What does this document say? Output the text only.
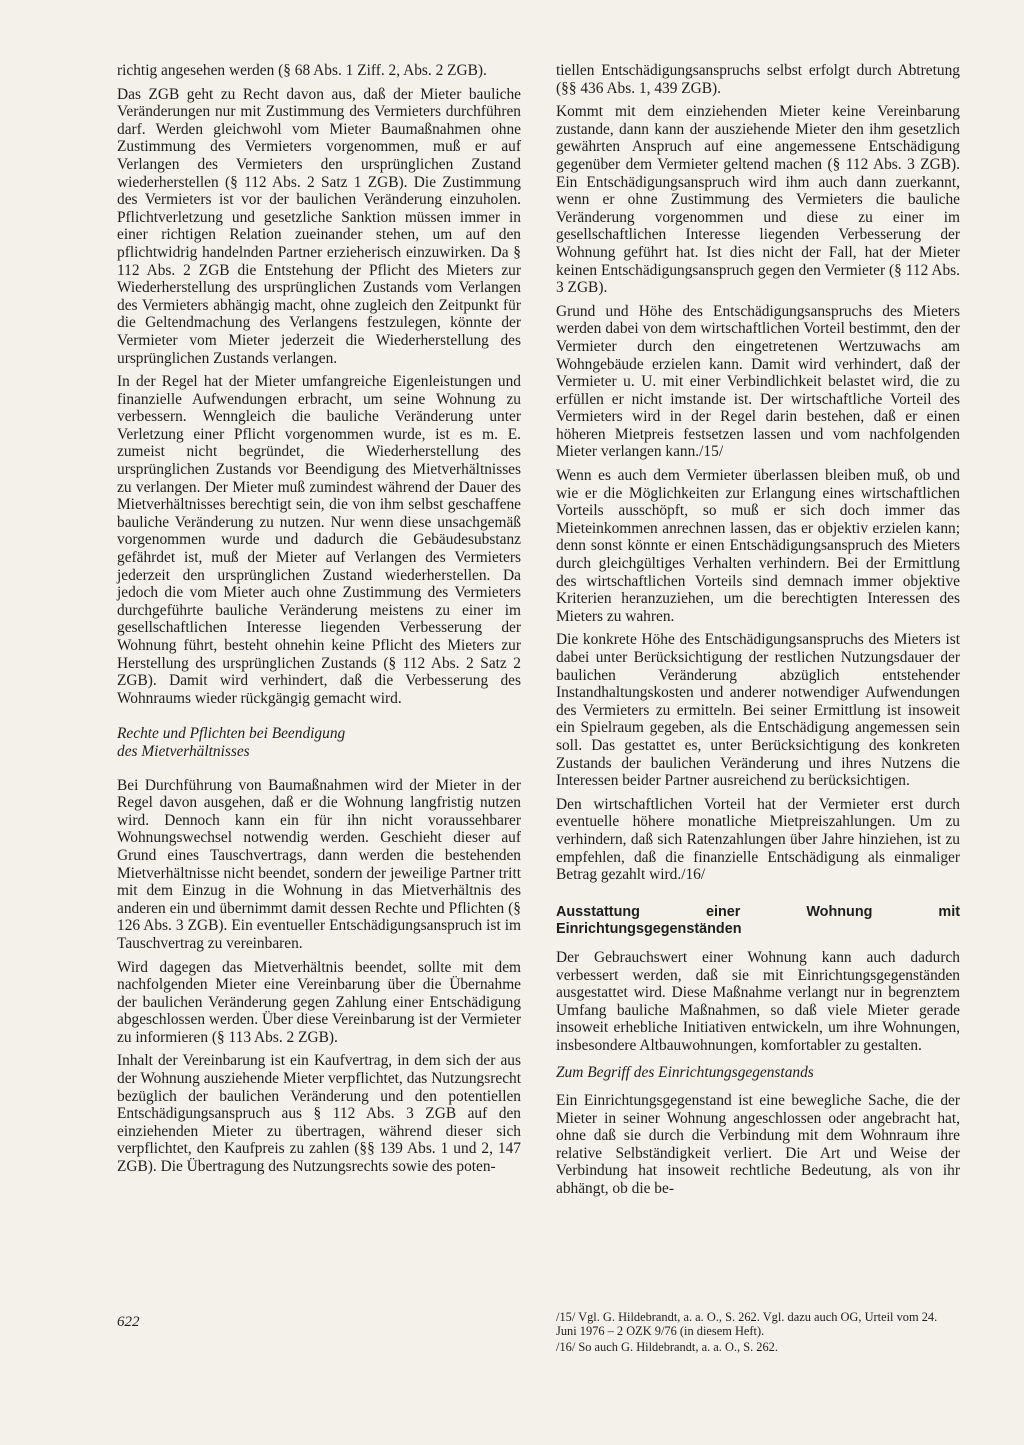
richtig angesehen werden (§ 68 Abs. 1 Ziff. 2, Abs. 2 ZGB).

Das ZGB geht zu Recht davon aus, daß der Mieter bauliche Veränderungen nur mit Zustimmung des Vermieters durchführen darf. Werden gleichwohl vom Mieter Baumaßnahmen ohne Zustimmung des Vermieters vorgenommen, muß er auf Verlangen des Vermieters den ursprünglichen Zustand wiederherstellen (§ 112 Abs. 2 Satz 1 ZGB). Die Zustimmung des Vermieters ist vor der baulichen Veränderung einzuholen. Pflichtverletzung und gesetzliche Sanktion müssen immer in einer richtigen Relation zueinander stehen, um auf den pflichtwidrig handelnden Partner erzieherisch einzuwirken. Da § 112 Abs. 2 ZGB die Entstehung der Pflicht des Mieters zur Wiederherstellung des ursprünglichen Zustands vom Verlangen des Vermieters abhängig macht, ohne zugleich den Zeitpunkt für die Geltendmachung des Verlangens festzulegen, könnte der Vermieter vom Mieter jederzeit die Wiederherstellung des ursprünglichen Zustands verlangen.

In der Regel hat der Mieter umfangreiche Eigenleistungen und finanzielle Aufwendungen erbracht, um seine Wohnung zu verbessern. Wenngleich die bauliche Veränderung unter Verletzung einer Pflicht vorgenommen wurde, ist es m. E. zumeist nicht begründet, die Wiederherstellung des ursprünglichen Zustands vor Beendigung des Mietverhältnisses zu verlangen. Der Mieter muß zumindest während der Dauer des Mietverhältnisses berechtigt sein, die von ihm selbst geschaffene bauliche Veränderung zu nutzen. Nur wenn diese unsachgemäß vorgenommen wurde und dadurch die Gebäudesubstanz gefährdet ist, muß der Mieter auf Verlangen des Vermieters jederzeit den ursprünglichen Zustand wiederherstellen. Da jedoch die vom Mieter auch ohne Zustimmung des Vermieters durchgeführte bauliche Veränderung meistens zu einer im gesellschaftlichen Interesse liegenden Verbesserung der Wohnung führt, besteht ohnehin keine Pflicht des Mieters zur Herstellung des ursprünglichen Zustands (§ 112 Abs. 2 Satz 2 ZGB). Damit wird verhindert, daß die Verbesserung des Wohnraums wieder rückgängig gemacht wird.

Rechte und Pflichten bei Beendigung
des Mietverhältnisses

Bei Durchführung von Baumaßnahmen wird der Mieter in der Regel davon ausgehen, daß er die Wohnung langfristig nutzen wird. Dennoch kann ein für ihn nicht voraussehbarer Wohnungswechsel notwendig werden. Geschieht dieser auf Grund eines Tauschvertrags, dann werden die bestehenden Mietverhältnisse nicht beendet, sondern der jeweilige Partner tritt mit dem Einzug in die Wohnung in das Mietverhältnis des anderen ein und übernimmt damit dessen Rechte und Pflichten (§ 126 Abs. 3 ZGB). Ein eventueller Entschädigungsanspruch ist im Tauschvertrag zu vereinbaren.

Wird dagegen das Mietverhältnis beendet, sollte mit dem nachfolgenden Mieter eine Vereinbarung über die Übernahme der baulichen Veränderung gegen Zahlung einer Entschädigung abgeschlossen werden. Über diese Vereinbarung ist der Vermieter zu informieren (§ 113 Abs. 2 ZGB).

Inhalt der Vereinbarung ist ein Kaufvertrag, in dem sich der aus der Wohnung ausziehende Mieter verpflichtet, das Nutzungsrecht bezüglich der baulichen Veränderung und den potentiellen Entschädigungsanspruch aus § 112 Abs. 3 ZGB auf den einziehenden Mieter zu übertragen, während dieser sich verpflichtet, den Kaufpreis zu zahlen (§§ 139 Abs. 1 und 2, 147 ZGB). Die Übertragung des Nutzungsrechts sowie des poten-

tiellen Entschädigungsanspruchs selbst erfolgt durch Abtretung (§§ 436 Abs. 1, 439 ZGB).

Kommt mit dem einziehenden Mieter keine Vereinbarung zustande, dann kann der ausziehende Mieter den ihm gesetzlich gewährten Anspruch auf eine angemessene Entschädigung gegenüber dem Vermieter geltend machen (§ 112 Abs. 3 ZGB). Ein Entschädigungsanspruch wird ihm auch dann zuerkannt, wenn er ohne Zustimmung des Vermieters die bauliche Veränderung vorgenommen und diese zu einer im gesellschaftlichen Interesse liegenden Verbesserung der Wohnung geführt hat. Ist dies nicht der Fall, hat der Mieter keinen Entschädigungsanspruch gegen den Vermieter (§ 112 Abs. 3 ZGB).

Grund und Höhe des Entschädigungsanspruchs des Mieters werden dabei von dem wirtschaftlichen Vorteil bestimmt, den der Vermieter durch den eingetretenen Wertzuwachs am Wohngebäude erzielen kann. Damit wird verhindert, daß der Vermieter u. U. mit einer Verbindlichkeit belastet wird, die zu erfüllen er nicht imstande ist. Der wirtschaftliche Vorteil des Vermieters wird in der Regel darin bestehen, daß er einen höheren Mietpreis festsetzen lassen und vom nachfolgenden Mieter verlangen kann./15/

Wenn es auch dem Vermieter überlassen bleiben muß, ob und wie er die Möglichkeiten zur Erlangung eines wirtschaftlichen Vorteils ausschöpft, so muß er sich doch immer das Mieteinkommen anrechnen lassen, das er objektiv erzielen kann; denn sonst könnte er einen Entschädigungsanspruch des Mieters durch gleichgültiges Verhalten verhindern. Bei der Ermittlung des wirtschaftlichen Vorteils sind demnach immer objektive Kriterien heranzuziehen, um die berechtigten Interessen des Mieters zu wahren.

Die konkrete Höhe des Entschädigungsanspruchs des Mieters ist dabei unter Berücksichtigung der restlichen Nutzungsdauer der baulichen Veränderung abzüglich entstehender Instandhaltungskosten und anderer notwendiger Aufwendungen des Vermieters zu ermitteln. Bei seiner Ermittlung ist insoweit ein Spielraum gegeben, als die Entschädigung angemessen sein soll. Das gestattet es, unter Berücksichtigung des konkreten Zustands der baulichen Veränderung und ihres Nutzens die Interessen beider Partner ausreichend zu berücksichtigen.

Den wirtschaftlichen Vorteil hat der Vermieter erst durch eventuelle höhere monatliche Mietpreiszahlungen. Um zu verhindern, daß sich Ratenzahlungen über Jahre hinziehen, ist zu empfehlen, daß die finanzielle Entschädigung als einmaliger Betrag gezahlt wird./16/

Ausstattung einer Wohnung mit Einrichtungsgegenständen

Der Gebrauchswert einer Wohnung kann auch dadurch verbessert werden, daß sie mit Einrichtungsgegenständen ausgestattet wird. Diese Maßnahme verlangt nur in begrenztem Umfang bauliche Maßnahmen, so daß viele Mieter gerade insoweit erhebliche Initiativen entwickeln, um ihre Wohnungen, insbesondere Altbauwohnungen, komfortabler zu gestalten.

Zum Begriff des Einrichtungsgegenstands

Ein Einrichtungsgegenstand ist eine bewegliche Sache, die der Mieter in seiner Wohnung angeschlossen oder angebracht hat, ohne daß sie durch die Verbindung mit dem Wohnraum ihre relative Selbständigkeit verliert. Die Art und Weise der Verbindung hat insoweit rechtliche Bedeutung, als von ihr abhängt, ob die be-

/15/ Vgl. G. Hildebrandt, a. a. O., S. 262. Vgl. dazu auch OG, Urteil vom 24. Juni 1976 – 2 OZK 9/76 (in diesem Heft).

/16/ So auch G. Hildebrandt, a. a. O., S. 262.

622
